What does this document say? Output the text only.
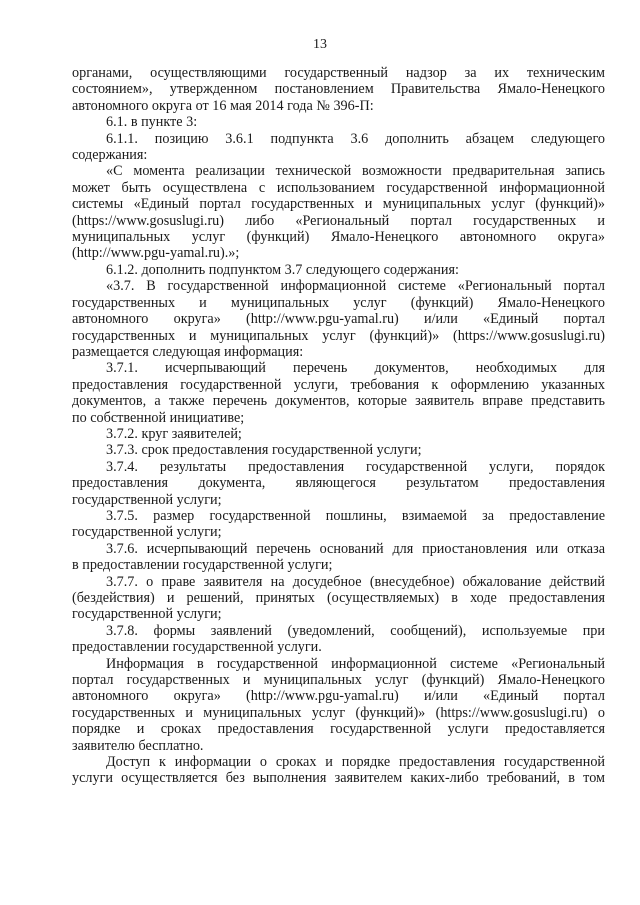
13
органами, осуществляющими государственный надзор за их техническим
состоянием», утвержденном постановлением Правительства Ямало-Ненецкого
автономного округа от 16 мая 2014 года № 396-П:
6.1. в пункте 3:
6.1.1. позицию 3.6.1 подпункта 3.6 дополнить абзацем следующего
содержания:
«С момента реализации технической возможности предварительная запись
может быть осуществлена с использованием государственной информационной
системы «Единый портал государственных и муниципальных услуг (функций)»
(https://www.gosuslugi.ru) либо «Региональный портал государственных и
муниципальных услуг (функций) Ямало-Ненецкого автономного округа»
(http://www.pgu-yamal.ru).»;
6.1.2. дополнить подпунктом 3.7 следующего содержания:
«3.7. В государственной информационной системе «Региональный портал
государственных и муниципальных услуг (функций) Ямало-Ненецкого
автономного округа» (http://www.pgu-yamal.ru) и/или «Единый портал
государственных и муниципальных услуг (функций)» (https://www.gosuslugi.ru)
размещается следующая информация:
3.7.1. исчерпывающий перечень документов, необходимых для
предоставления государственной услуги, требования к оформлению указанных
документов, а также перечень документов, которые заявитель вправе представить
по собственной инициативе;
3.7.2. круг заявителей;
3.7.3. срок предоставления государственной услуги;
3.7.4. результаты предоставления государственной услуги, порядок
предоставления документа, являющегося результатом предоставления
государственной услуги;
3.7.5. размер государственной пошлины, взимаемой за предоставление
государственной услуги;
3.7.6. исчерпывающий перечень оснований для приостановления или отказа
в предоставлении государственной услуги;
3.7.7. о праве заявителя на досудебное (внесудебное) обжалование действий
(бездействия) и решений, принятых (осуществляемых) в ходе предоставления
государственной услуги;
3.7.8. формы заявлений (уведомлений, сообщений), используемые при
предоставлении государственной услуги.
Информация в государственной информационной системе «Региональный
портал государственных и муниципальных услуг (функций) Ямало-Ненецкого
автономного округа» (http://www.pgu-yamal.ru) и/или «Единый портал
государственных и муниципальных услуг (функций)» (https://www.gosuslugi.ru) о
порядке и сроках предоставления государственной услуги предоставляется
заявителю бесплатно.
Доступ к информации о сроках и порядке предоставления государственной
услуги осуществляется без выполнения заявителем каких-либо требований, в том
